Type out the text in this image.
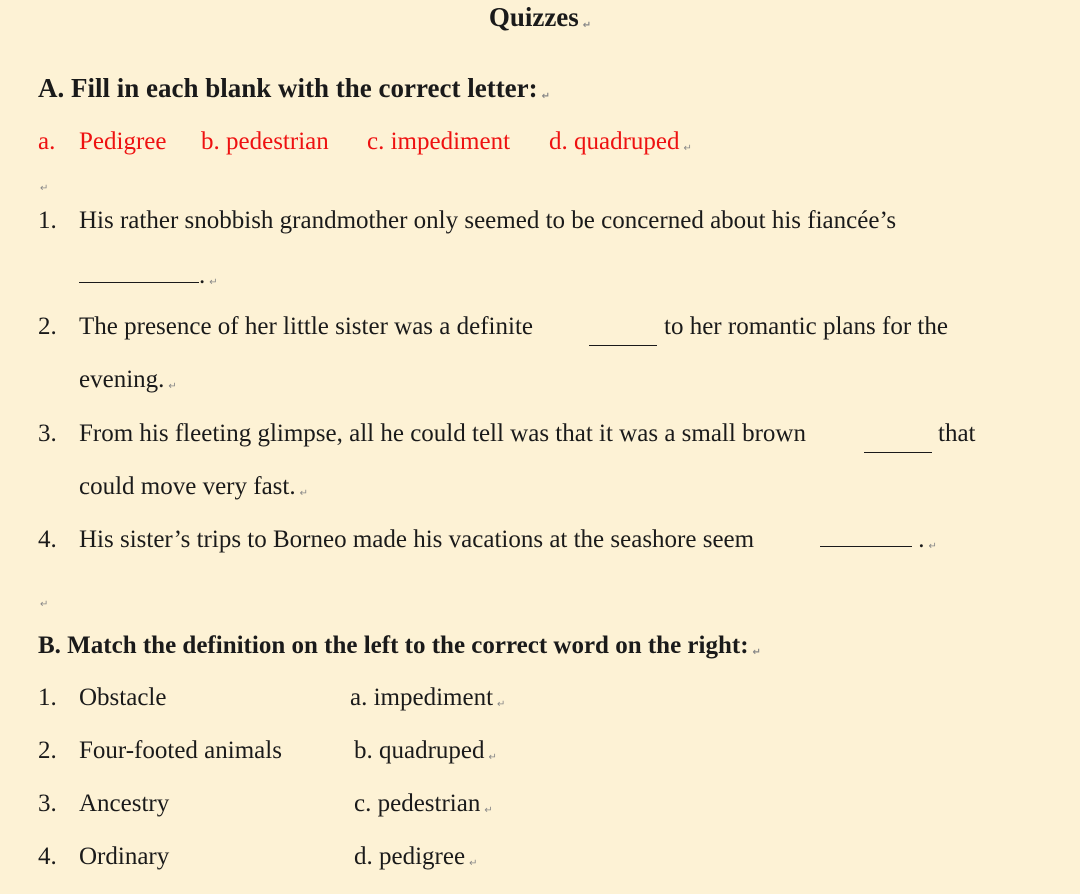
Quizzes ↵
A. Fill in each blank with the correct letter: ↵
a. Pedigree b. pedestrian c. impediment d. quadruped ↵
↵
1. His rather snobbish grandmother only seemed to be concerned about his fiancée’s
. ↵
2. The presence of her little sister was a definite	to her romantic plans for the
evening. ↵
3. From his fleeting glimpse, all he could tell was that it was a small brown	that
could move very fast. ↵
4. His sister’s trips to Borneo made his vacations at the seashore seem	. ↵
↵
B. Match the definition on the left to the correct word on the right: ↵
1. Obstacle	a. impediment ↵
2. Four-footed animals	b. quadruped ↵
3. Ancestry	c. pedestrian ↵
4. Ordinary	d. pedigree ↵
